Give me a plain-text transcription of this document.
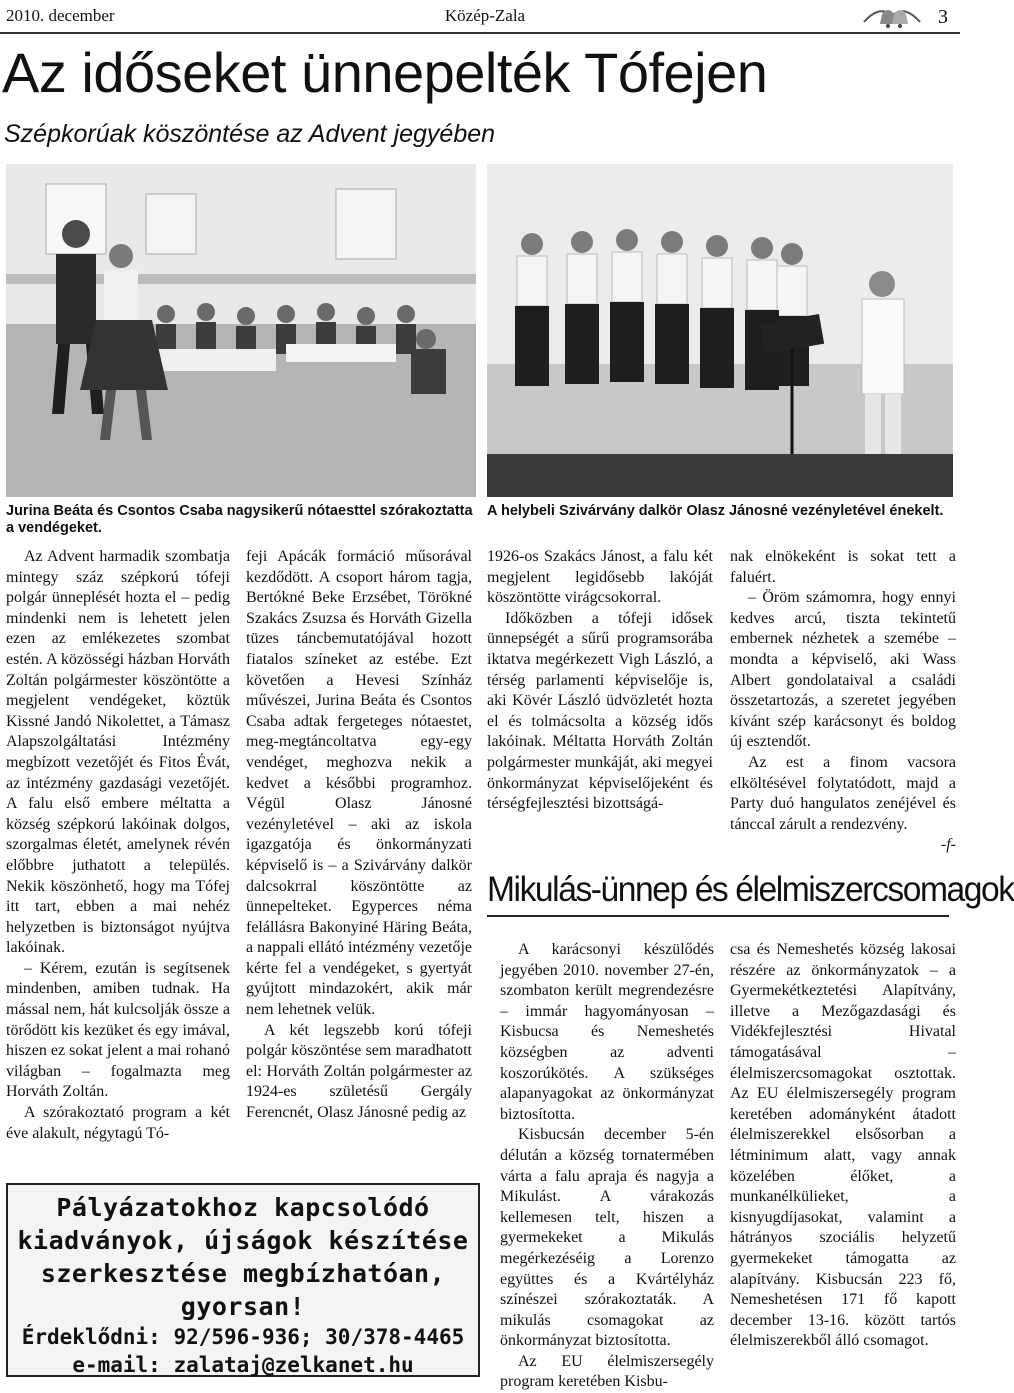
2010. december	Közép-Zala	3
Az időseket ünnepelték Tófejen
Szépkorúak köszöntése az Advent jegyében
Jurina Beáta és Csontos Csaba nagysikerű nótaesttel szórakoztatta a vendégeket.
A helybeli Szivárvány dalkör Olasz Jánosné vezényletével énekelt.

Az Advent harmadik szombatja mintegy száz szépkorú tófeji polgár ünneplését hozta el – pedig mindenki nem is lehetett jelen ezen az emlékezetes szombat estén. A közösségi házban Horváth Zoltán polgármester köszöntötte a megjelent vendégeket, köztük Kissné Jandó Nikolettet, a Támasz Alapszolgáltatási Intézmény megbízott vezetőjét és Fitos Évát, az intézmény gazdasági vezetőjét. A falu első embere méltatta a község szépkorú lakóinak dolgos, szorgalmas életét, amelynek révén előbbre juthatott a település. Nekik köszönhető, hogy ma Tófej itt tart, ebben a mai nehéz helyzetben is biztonságot nyújtva lakóinak.

– Kérem, ezután is segítsenek mindenben, amiben tudnak. Ha mással nem, hát kulcsolják össze a törődött kis kezüket és egy imával, hiszen ez sokat jelent a mai rohanó világban – fogalmazta meg Horváth Zoltán.

A szórakoztató program a két éve alakult, négytagú Tó-

feji Apácák formáció műsorával kezdődött. A csoport három tagja, Bertókné Beke Erzsébet, Törökné Szakács Zsuzsa és Horváth Gizella tüzes táncbemutatójával hozott fiatalos színeket az estébe. Ezt követően a Hevesi Színház művészei, Jurina Beáta és Csontos Csaba adtak fergeteges nótaestet, meg-megtáncoltatva egy-egy vendéget, meghozva nekik a kedvet a későbbi programhoz. Végül Olasz Jánosné vezényletével – aki az iskola igazgatója és önkormányzati képviselő is – a Szivárvány dalkör dalcsokrral köszöntötte az ünnepelteket. Egyperces néma felállásra Bakonyiné Häring Beáta, a nappali ellátó intézmény vezetője kérte fel a vendégeket, s gyertyát gyújtott mindazokért, akik már nem lehetnek velük.

A két legszebb korú tófeji polgár köszöntése sem maradhatott el: Horváth Zoltán polgármester az 1924-es születésű Gergály Ferencnét, Olasz Jánosné pedig az

1926-os Szakács Jánost, a falu két megjelent legidősebb lakóját köszöntötte virágcsokorral.

Időközben a tófeji idősek ünnepségét a sűrű programsorába iktatva megérkezett Vigh László, a térség parlamenti képviselője is, aki Kövér László üdvözletét hozta el és tolmácsolta a község idős lakóinak. Méltatta Horváth Zoltán polgármester munkáját, aki megyei önkormányzat képviselőjeként és térségfejlesztési bizottságá-

nak elnökeként is sokat tett a faluért.

– Öröm számomra, hogy ennyi kedves arcú, tiszta tekintetű embernek nézhetek a szemébe – mondta a képviselő, aki Wass Albert gondolataival a családi összetartozás, a szeretet jegyében kívánt szép karácsonyt és boldog új esztendőt.

Az est a finom vacsora elköltésével folytatódott, majd a Party duó hangulatos zenéjével és tánccal zárult a rendezvény.

-f-

Mikulás-ünnep és élelmiszercsomagok

A karácsonyi készülődés jegyében 2010. november 27-én, szombaton került megrendezésre – immár hagyományosan – Kisbucsa és Nemeshetés községben az adventi koszorúkötés. A szükséges alapanyagokat az önkormányzat biztosította.

Kisbucsán december 5-én délután a község tornatermében várta a falu apraja és nagyja a Mikulást. A várakozás kellemesen telt, hiszen a gyermekeket a Mikulás megérkezéséig a Lorenzo együttes és a Kvártélyház színészei szórakoztaták. A mikulás csomagokat az önkormányzat biztosította.

Az EU élelmiszersegély program keretében Kisbu-

csa és Nemeshetés község lakosai részére az önkormányzatok – a Gyermekétkeztetési Alapítvány, illetve a Mezőgazdasági és Vidékfejlesztési Hivatal támogatásával – élelmiszercsomagokat osztottak. Az EU élelmiszersegély program keretében adományként átadott élelmiszerekkel elsősorban a létminimum alatt, vagy annak közelében élőket, a munkanélkülieket, a kisnyugdíjasokat, valamint a hátrányos szociális helyzetű gyermekeket támogatta az alapítvány. Kisbucsán 223 fő, Nemeshetésen 171 fő kapott december 13-16. között tartós élelmiszerekből álló csomagot.

Pályázatokhoz kapcsolódó
kiadványok, újságok készítése
szerkesztése megbízhatóan,
gyorsan!
Érdeklődni: 92/596-936; 30/378-4465
e-mail: zalataj@zelkanet.hu
